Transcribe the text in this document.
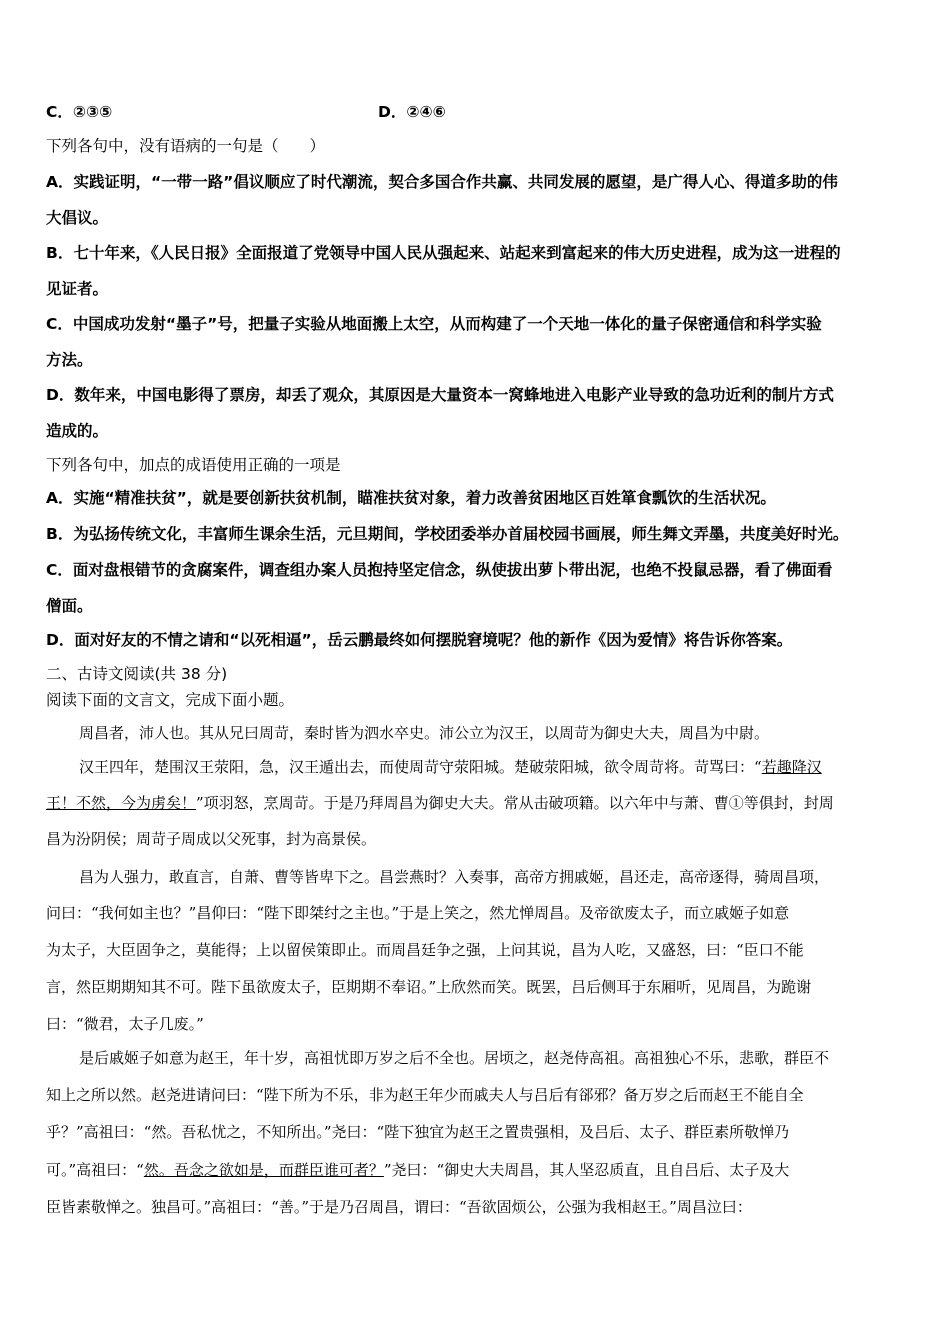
C．②③⑤	D．②④⑥
下列各句中，没有语病的一句是（　　）
A．实践证明，“一带一路”倡议顺应了时代潮流，契合多国合作共赢、共同发展的愿望，是广得人心、得道多助的伟
大倡议。
B．七十年来，《人民日报》全面报道了党领导中国人民从强起来、站起来到富起来的伟大历史进程，成为这一进程的
见证者。
C．中国成功发射“墨子”号，把量子实验从地面搬上太空，从而构建了一个天地一体化的量子保密通信和科学实验
方法。
D．数年来，中国电影得了票房，却丢了观众，其原因是大量资本一窝蜂地进入电影产业导致的急功近利的制片方式
造成的。
下列各句中，加点的成语使用正确的一项是
A．实施“精准扶贫”，就是要创新扶贫机制，瞄准扶贫对象，着力改善贫困地区百姓箪食瓢饮的生活状况。
B．为弘扬传统文化，丰富师生课余生活，元旦期间，学校团委举办首届校园书画展，师生舞文弄墨，共度美好时光。
C．面对盘根错节的贪腐案件，调查组办案人员抱持坚定信念，纵使拔出萝卜带出泥，也绝不投鼠忌器，看了佛面看
僧面。
D．面对好友的不情之请和“以死相逼”，岳云鹏最终如何摆脱窘境呢？他的新作《因为爱情》将告诉你答案。
二、古诗文阅读(共 38 分)
阅读下面的文言文，完成下面小题。
周昌者，沛人也。其从兄曰周苛，秦时皆为泗水卒史。沛公立为汉王，以周苛为御史大夫，周昌为中尉。
汉王四年，楚围汉王荥阳，急，汉王遁出去，而使周苛守荥阳城。楚破荥阳城，欲令周苛将。苛骂曰：“若趣降汉
王！不然，今为虏矣！”项羽怒，烹周苛。于是乃拜周昌为御史大夫。常从击破项籍。以六年中与萧、曹①等俱封，封周
昌为汾阴侯；周苛子周成以父死事，封为高景侯。
昌为人强力，敢直言，自萧、曹等皆卑下之。昌尝燕时？入奏事，高帝方拥戚姬，昌还走，高帝逐得，骑周昌项，
问曰：“我何如主也？”昌仰曰：“陛下即桀纣之主也。”于是上笑之，然尤惮周昌。及帝欲废太子，而立戚姬子如意
为太子，大臣固争之，莫能得；上以留侯策即止。而周昌廷争之强，上问其说，昌为人吃，又盛怒，曰：“臣口不能
言，然臣期期知其不可。陛下虽欲废太子，臣期期不奉诏。”上欣然而笑。既罢，吕后侧耳于东厢听，见周昌，为跪谢
曰：“微君，太子几废。”
是后戚姬子如意为赵王，年十岁，高祖忧即万岁之后不全也。居顷之，赵尧侍高祖。高祖独心不乐，悲歌，群臣不
知上之所以然。赵尧进请问曰：“陛下所为不乐，非为赵王年少而戚夫人与吕后有郤邪？备万岁之后而赵王不能自全
乎？”高祖曰：“然。吾私忧之，不知所出。”尧曰：“陛下独宜为赵王之置贵强相，及吕后、太子、群臣素所敬惮乃
可。”高祖曰：“然。吾念之欲如是，而群臣谁可者？”尧曰：“御史大夫周昌，其人坚忍质直，且自吕后、太子及大
臣皆素敬惮之。独昌可。”高祖曰：“善。”于是乃召周昌，谓曰：“吾欲固烦公，公强为我相赵王。”周昌泣曰：
